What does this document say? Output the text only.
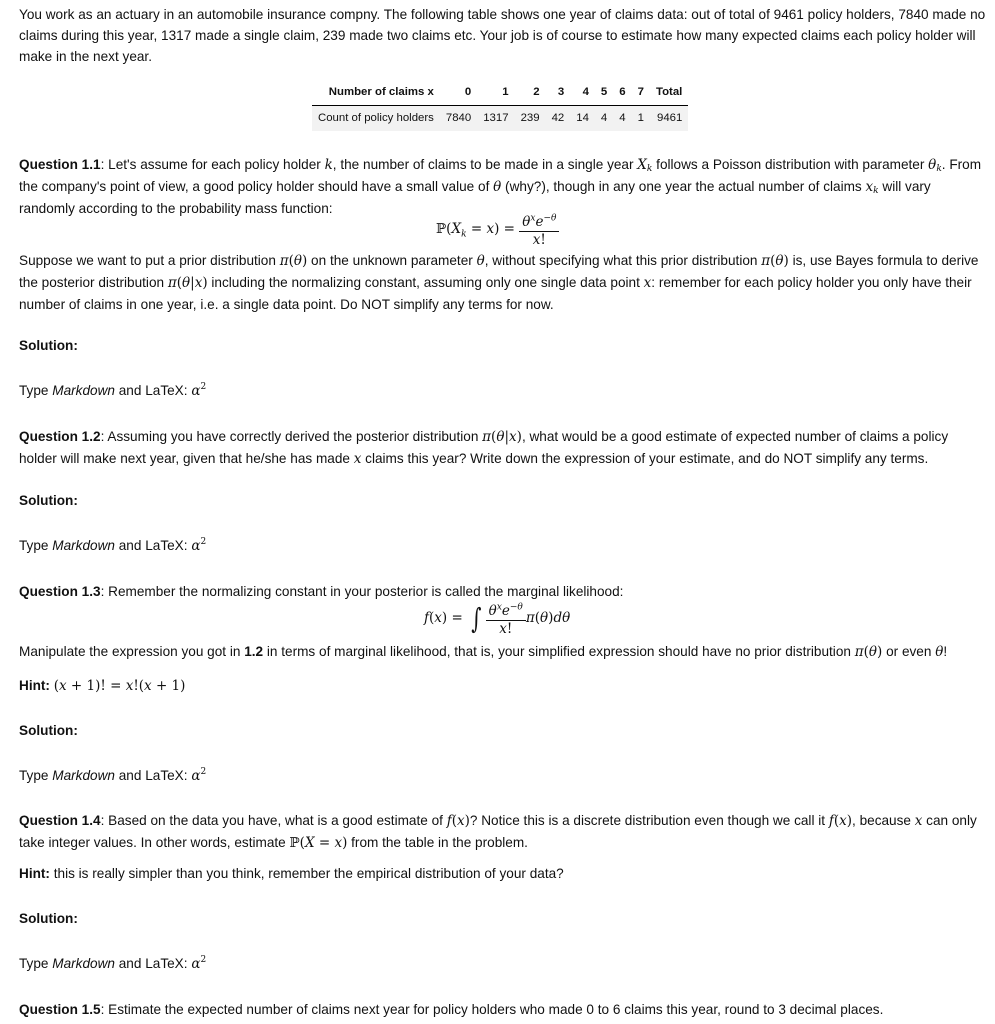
You work as an actuary in an automobile insurance compny. The following table shows one year of claims data: out of total of 9461 policy holders, 7840 made no claims during this year, 1317 made a single claim, 239 made two claims etc. Your job is of course to estimate how many expected claims each policy holder will make in the next year.

Number of claims x	0	1	2	3	4	5	6	7	Total
Count of policy holders	7840	1317	239	42	14	4	4	1	9461

Question 1.1: Let's assume for each policy holder k, the number of claims to be made in a single year $X_k$ follows a Poisson distribution with parameter $\theta_k$. From the company's point of view, a good policy holder should have a small value of θ (why?), though in any one year the actual number of claims $x_k$ will vary randomly according to the probability mass function:

$ℙ(X_k = x) = \frac{\theta^xe^{-\theta}}{x!}$

Suppose we want to put a prior distribution π(θ) on the unknown parameter θ, without specifying what this prior distribution π(θ) is, use Bayes formula to derive the posterior distribution π(θ|x) including the normalizing constant, assuming only one single data point x: remember for each policy holder you only have their number of claims in one year, i.e. a single data point. Do NOT simplify any terms for now.

Solution:

Type Markdown and LaTeX: $\alpha^2$

Question 1.2: Assuming you have correctly derived the posterior distribution π(θ|x), what would be a good estimate of expected number of claims a policy holder will make next year, given that he/she has made x claims this year? Write down the expression of your estimate, and do NOT simplify any terms.

Solution:

Type Markdown and LaTeX: $\alpha^2$

Question 1.3: Remember the normalizing constant in your posterior is called the marginal likelihood:

f(x) = ∫ $\frac{\theta^xe^{-\theta}}{x!} \pi(\theta)d\theta$

Manipulate the expression you got in 1.2 in terms of marginal likelihood, that is, your simplified expression should have no prior distribution π(θ) or even θ!

Hint: (x + 1)! = x!(x + 1)

Solution:

Type Markdown and LaTeX: $\alpha^2$

Question 1.4: Based on the data you have, what is a good estimate of f(x)? Notice this is a discrete distribution even though we call it f(x), because x can only take integer values. In other words, estimate ℙ(X = x) from the table in the problem.

Hint: this is really simpler than you think, remember the empirical distribution of your data?

Solution:

Type Markdown and LaTeX: $\alpha^2$

Question 1.5: Estimate the expected number of claims next year for policy holders who made 0 to 6 claims this year, round to 3 decimal places.
